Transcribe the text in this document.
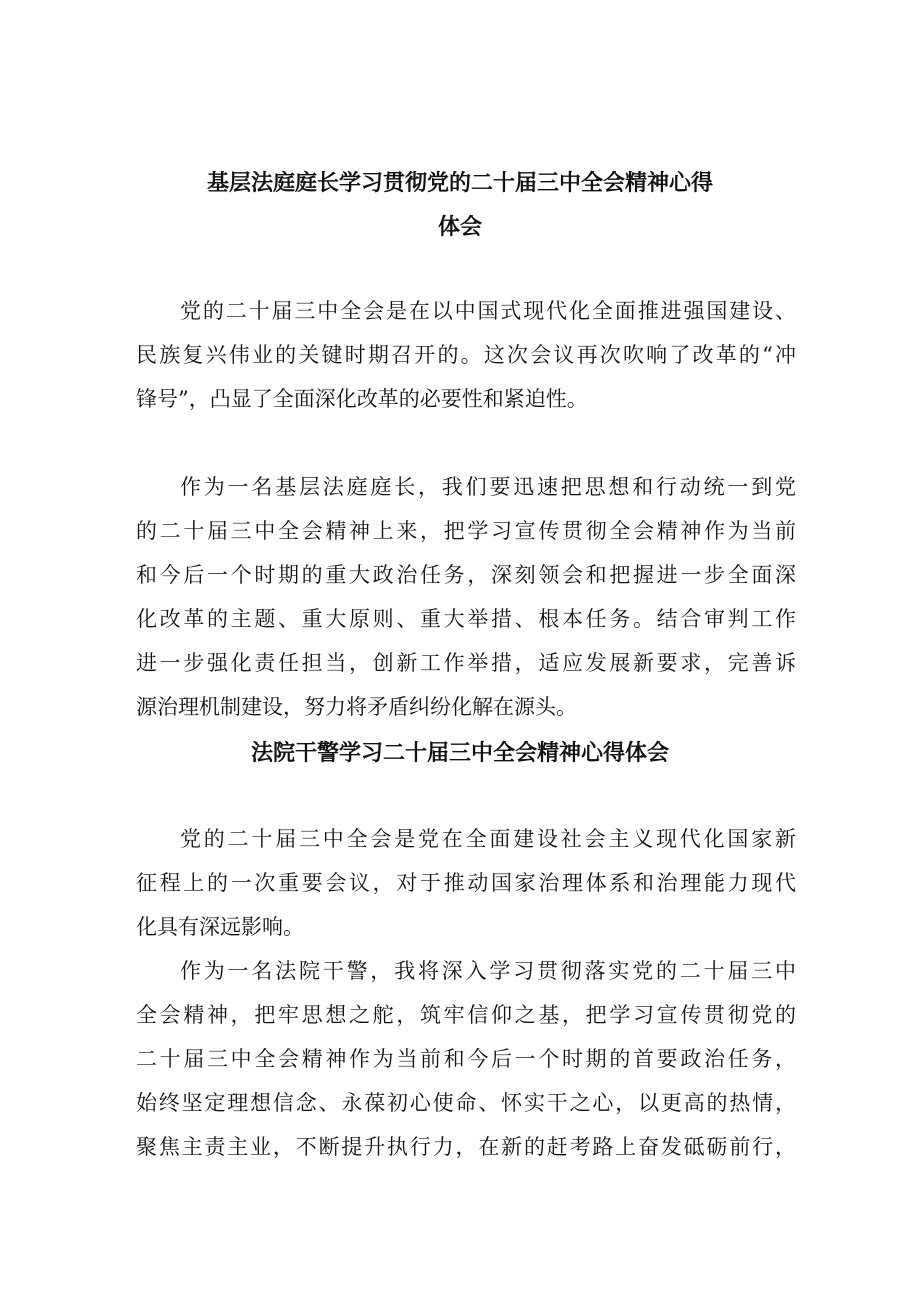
基层法庭庭长学习贯彻党的二十届三中全会精神心得
体会
党的二十届三中全会是在以中国式现代化全面推进强国建设、
民族复兴伟业的关键时期召开的。这次会议再次吹响了改革的“冲
锋号”，凸显了全面深化改革的必要性和紧迫性。
作为一名基层法庭庭长，我们要迅速把思想和行动统一到党
的二十届三中全会精神上来，把学习宣传贯彻全会精神作为当前
和今后一个时期的重大政治任务，深刻领会和把握进一步全面深
化改革的主题、重大原则、重大举措、根本任务。结合审判工作
进一步强化责任担当，创新工作举措，适应发展新要求，完善诉
源治理机制建设，努力将矛盾纠纷化解在源头。
法院干警学习二十届三中全会精神心得体会
党的二十届三中全会是党在全面建设社会主义现代化国家新
征程上的一次重要会议，对于推动国家治理体系和治理能力现代
化具有深远影响。
作为一名法院干警，我将深入学习贯彻落实党的二十届三中
全会精神，把牢思想之舵，筑牢信仰之基，把学习宣传贯彻党的
二十届三中全会精神作为当前和今后一个时期的首要政治任务，
始终坚定理想信念、永葆初心使命、怀实干之心，以更高的热情，
聚焦主责主业，不断提升执行力，在新的赶考路上奋发砥砺前行，
